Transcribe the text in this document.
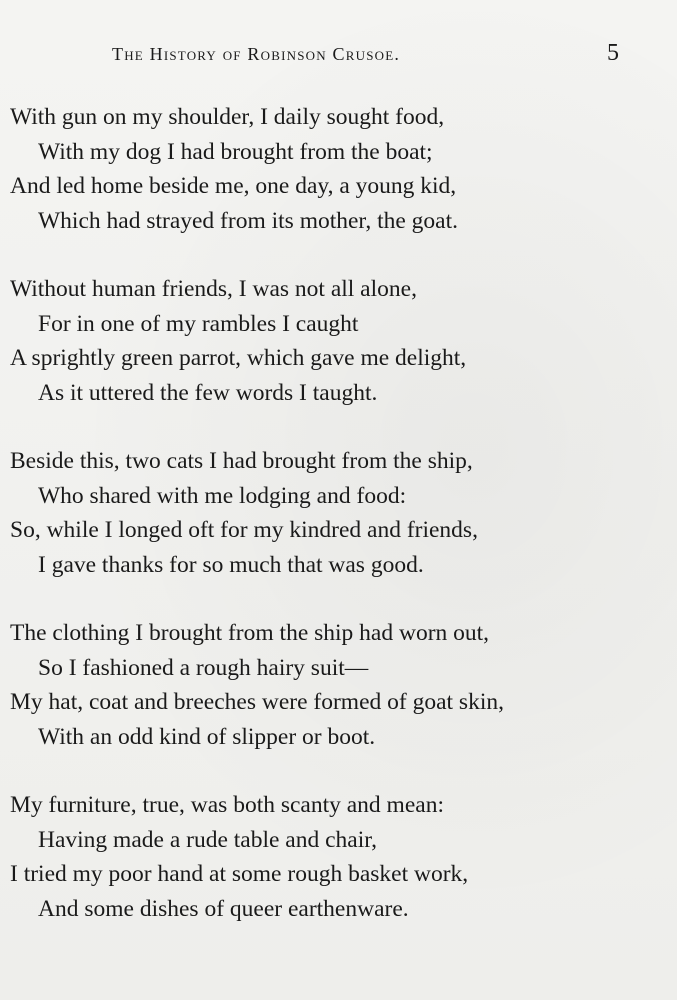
The History of Robinson Crusoe.	5
With gun on my shoulder, I daily sought food,
With my dog I had brought from the boat;
And led home beside me, one day, a young kid,
Which had strayed from its mother, the goat.
Without human friends, I was not all alone,
For in one of my rambles I caught
A sprightly green parrot, which gave me delight,
As it uttered the few words I taught.
Beside this, two cats I had brought from the ship,
Who shared with me lodging and food:
So, while I longed oft for my kindred and friends,
I gave thanks for so much that was good.
The clothing I brought from the ship had worn out,
So I fashioned a rough hairy suit—
My hat, coat and breeches were formed of goat skin,
With an odd kind of slipper or boot.
My furniture, true, was both scanty and mean:
Having made a rude table and chair,
I tried my poor hand at some rough basket work,
And some dishes of queer earthenware.
